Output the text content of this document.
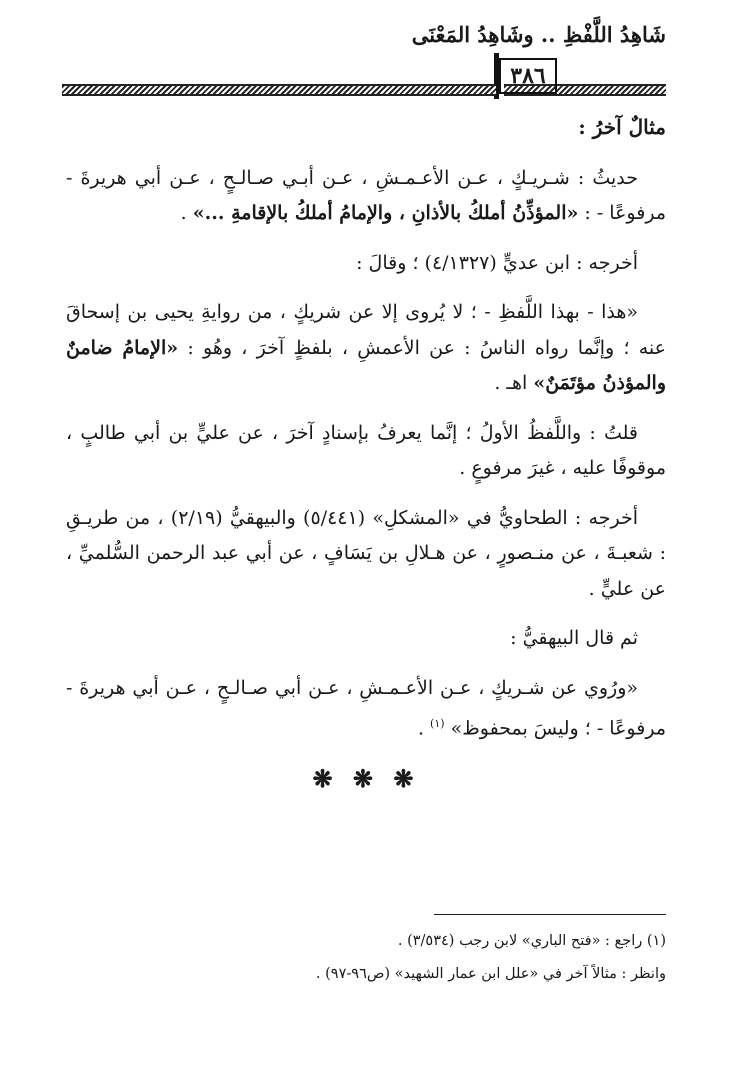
شَاهِدُ اللَّفْظِ .. وشَاهِدُ المَعْنَى
٣٨٦
مثالٌ آخرُ :

حديثُ : شـريـكٍ ، عـن الأعـمـشِ ، عـن أبـي صـالـحٍ ، عـن أبي هريرةَ - مرفوعًا - : «المؤذِّنُ أملكُ بالأذانِ ، والإمامُ أملكُ بالإقامةِ ...» .

أخرجه : ابن عديٍّ (٤/١٣٢٧) ؛ وقالَ :

«هذا - بهذا اللَّفظِ - ؛ لا يُروى إلا عن شريكٍ ، من روايةِ يحيى بن إسحاقَ عنه ؛ وإنَّما رواه الناسُ : عن الأعمشِ ، بلفظٍ آخرَ ، وهُو : «الإمامُ ضامنٌ والمؤذنُ مؤتَمَنٌ» اهـ .

قلتُ : واللَّفظُ الأولُ ؛ إنَّما يعرفُ بإسنادٍ آخرَ ، عن عليٍّ بن أبي طالبٍ ، موقوفًا عليه ، غيرَ مرفوعٍ .

أخرجه : الطحاويُّ في «المشكلِ» (٥/٤٤١) والبيهقيُّ (٢/١٩) ، من طريـقِ : شعبـةَ ، عن منـصورٍ ، عن هـلالِ بن يَسَافٍ ، عن أبي عبد الرحمن السُّلميِّ ، عن عليٍّ .

ثم قال البيهقيُّ :

«ورُوي عن شـريكٍ ، عـن الأعـمـشِ ، عـن أبي صـالـحٍ ، عـن أبي هريرةَ - مرفوعًا - ؛ وليسَ بمحفوظ» $^{(١)}$ .

❋ ❋ ❋

(١) راجع : «فتح الباري» لابن رجب (٣/٥٣٤) .

وانظر : مثالاً آخر في «علل ابن عمار الشهيد» (ص٩٦-٩٧) .
